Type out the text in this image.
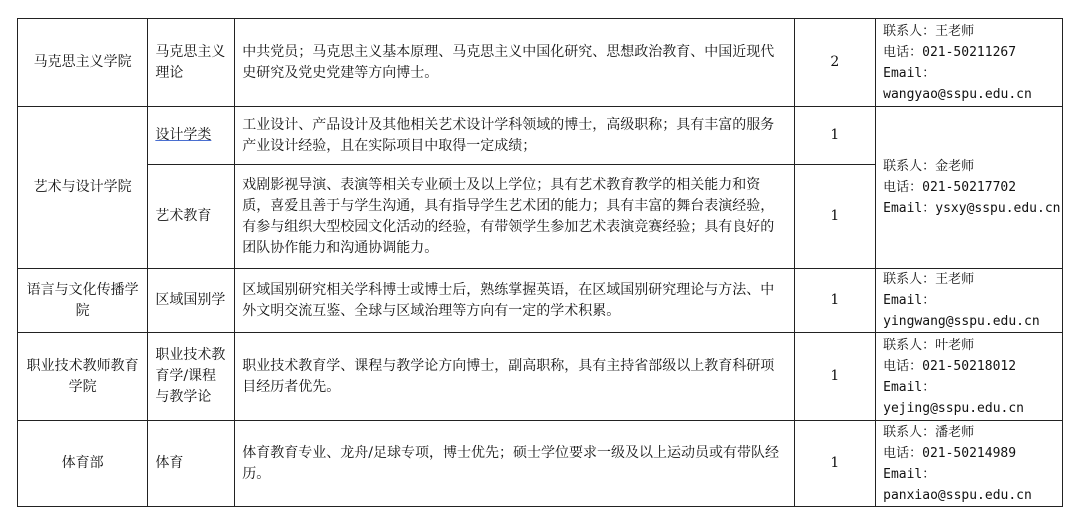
马克思主义学院	马克思主义理论	中共党员；马克思主义基本原理、马克思主义中国化研究、思想政治教育、中国近现代史研究及党史党建等方向博士。	2	联系人：王老师
电话：021-50211267
Email：
wangyao@sspu.edu.cn

艺术与设计学院	设计学类	工业设计、产品设计及其他相关艺术设计学科领域的博士，高级职称；具有丰富的服务产业设计经验，且在实际项目中取得一定成绩；	1	联系人：金老师
电话：021-50217702
Email：ysxy@sspu.edu.cn

	艺术教育	戏剧影视导演、表演等相关专业硕士及以上学位；具有艺术教育教学的相关能力和资质，喜爱且善于与学生沟通，具有指导学生艺术团的能力；具有丰富的舞台表演经验，有参与组织大型校园文化活动的经验，有带领学生参加艺术表演竞赛经验；具有良好的团队协作能力和沟通协调能力。	1	
语言与文化传播学院	区域国别学	区域国别研究相关学科博士或博士后，熟练掌握英语，在区域国别研究理论与方法、中外文明交流互鉴、全球与区域治理等方向有一定的学术积累。	1	联系人：王老师
Email：
yingwang@sspu.edu.cn

职业技术教师教育学院	职业技术教育学/课程与教学论	职业技术教育学、课程与教学论方向博士，副高职称，具有主持省部级以上教育科研项目经历者优先。	1	联系人：叶老师
电话：021-50218012
Email：
yejing@sspu.edu.cn

体育部	体育	体育教育专业、龙舟/足球专项，博士优先；硕士学位要求一级及以上运动员或有带队经历。	1	联系人：潘老师
电话：021-50214989
Email：
panxiao@sspu.edu.cn
